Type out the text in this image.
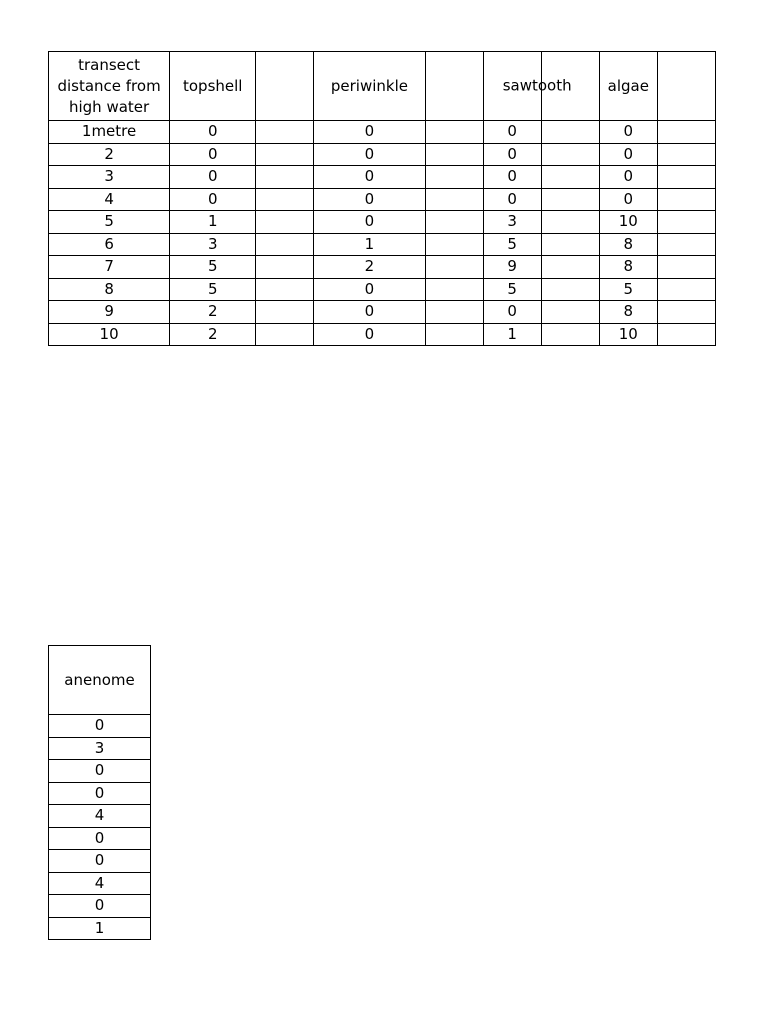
transect distance from high water	topshell		periwinkle		sawtooth		algae	
1metre	0		0		0		0	
2	0		0		0		0	
3	0		0		0		0	
4	0		0		0		0	
5	1		0		3		10	
6	3		1		5		8	
7	5		2		9		8	
8	5		0		5		5	
9	2		0		0		8	
10	2		0		1		10	
anenome
0
3
0
0
4
0
0
4
0
1
